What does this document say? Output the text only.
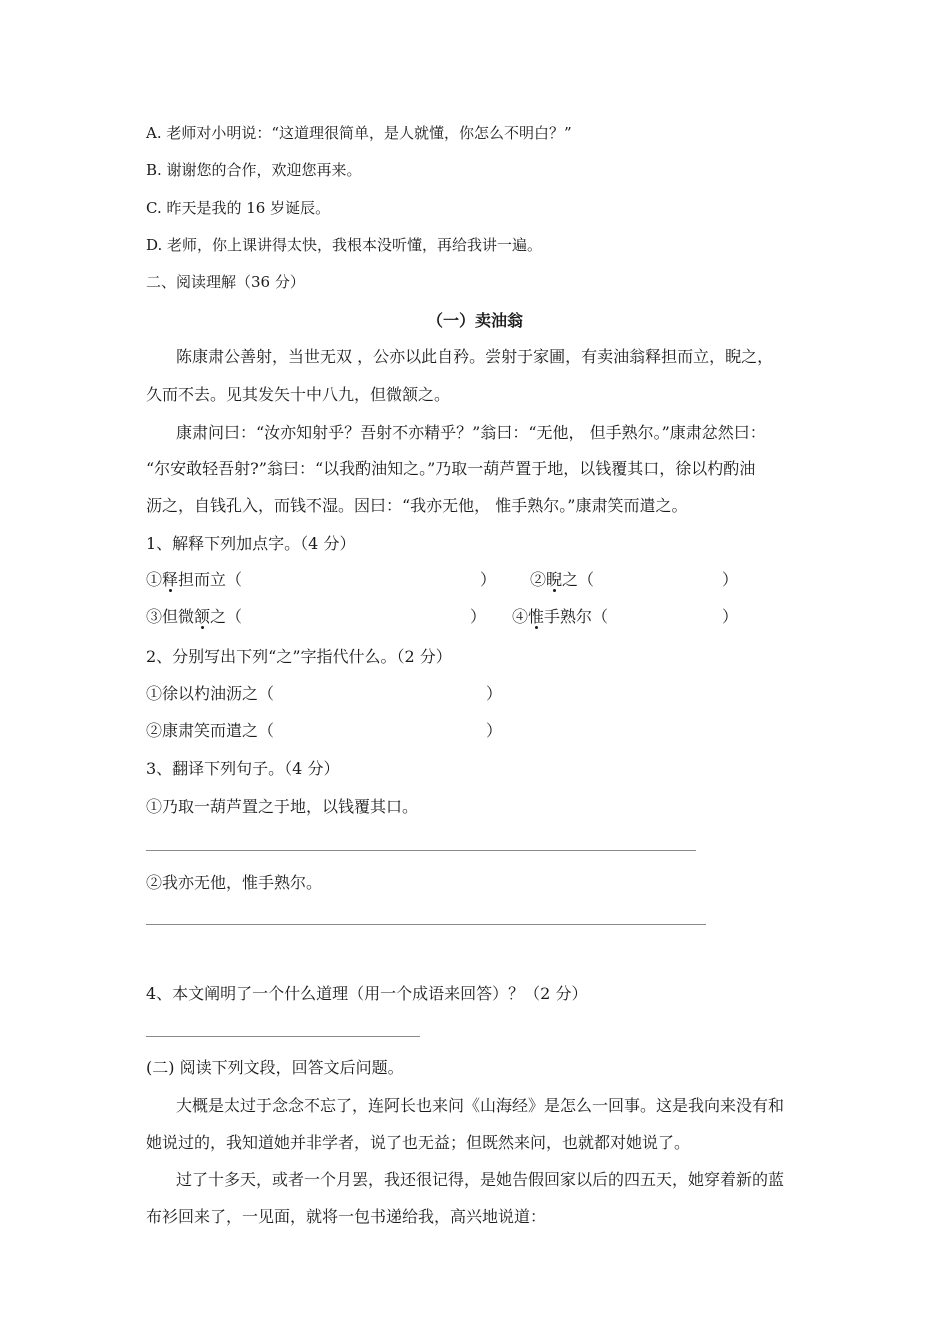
A. 老师对小明说：“这道理很简单，是人就懂，你怎么不明白？”
B. 谢谢您的合作，欢迎您再来。
C. 昨天是我的 16 岁诞辰。
D. 老师，你上课讲得太快，我根本没听懂，再给我讲一遍。
二、阅读理解（36 分）
（一）卖油翁
陈康肃公善射，当世无双 ，公亦以此自矜。尝射于家圃，有卖油翁释担而立，睨之，
久而不去。见其发矢十中八九，但微颔之。
康肃问曰：“汝亦知射乎？吾射不亦精乎？”翁曰：“无他， 但手熟尔。”康肃忿然曰：
“尔安敢轻吾射?”翁曰：“以我酌油知之。”乃取一葫芦置于地，以钱覆其口，徐以杓酌油
沥之，自钱孔入，而钱不湿。因曰：“我亦无他， 惟手熟尔。”康肃笑而遣之。
1、解释下列加点字。（4 分）
①释担而立（	） ②睨之（	）
③但微颔之（	） ④惟手熟尔（	）
2、分别写出下列“之”字指代什么。（2 分）
①徐以杓油沥之（	）
②康肃笑而遣之（	）
3、翻译下列句子。（4 分）
①乃取一葫芦置之于地，以钱覆其口。
②我亦无他，惟手熟尔。
4、本文阐明了一个什么道理（用一个成语来回答）？（2 分）
(二) 阅读下列文段，回答文后问题。
大概是太过于念念不忘了，连阿长也来问《山海经》是怎么一回事。这是我向来没有和
她说过的，我知道她并非学者，说了也无益；但既然来问，也就都对她说了。
过了十多天，或者一个月罢，我还很记得，是她告假回家以后的四五天，她穿着新的蓝
布衫回来了，一见面，就将一包书递给我，高兴地说道：
